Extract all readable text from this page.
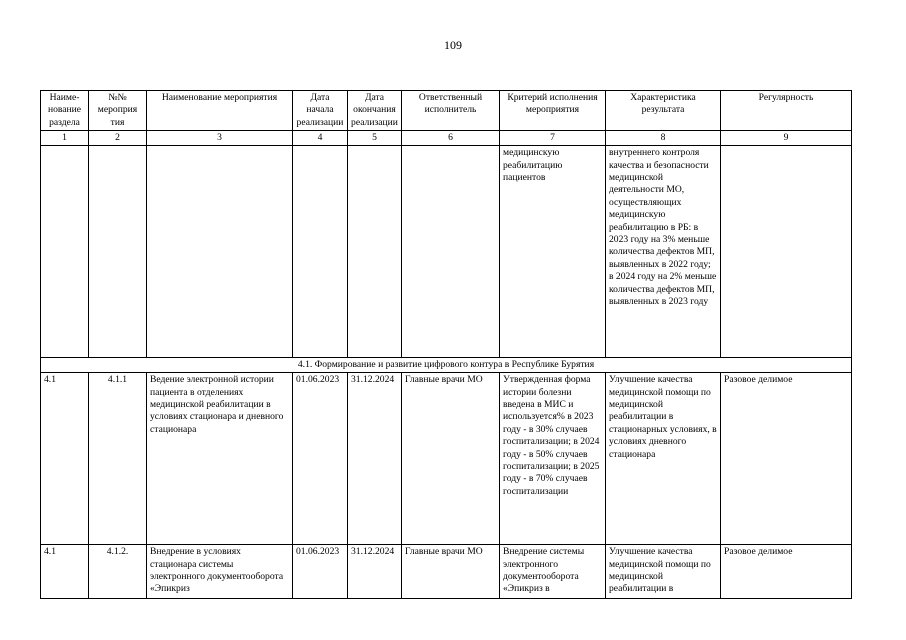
109
Наиме-нование раздела	№№ мероприя тия	Наименование мероприятия	Дата начала реализации	Дата окончания реализации	Ответственный исполнитель	Критерий исполнения мероприятия	Характеристика результата	Регулярность
1	2	3	4	5	6	7	8	9
						медицинскую реабилитацию пациентов	внутреннего контроля качества и безопасности медицинской деятельности МО, осуществляющих медицинскую реабилитацию в РБ: в 2023 году на 3% меньше количества дефектов МП, выявленных в 2022 году; в 2024 году на 2% меньше количества дефектов МП, выявленных в 2023 году	
4.1. Формирование и развитие цифрового контура в Республике Бурятия								
4.1	4.1.1	Ведение электронной истории пациента в отделениях медицинской реабилитации в условиях стационара и дневного стационара	01.06.2023	31.12.2024	Главные врачи МО	Утвержденная форма истории болезни введена в МИС и используется% в 2023 году - в 30% случаев госпитализации; в 2024 году - в 50% случаев госпитализации; в 2025 году - в 70% случаев госпитализации	Улучшение качества медицинской помощи по медицинской реабилитации в стационарных условиях, в условиях дневного стационара	Разовое делимое
4.1	4.1.2.	Внедрение в условиях стационара системы электронного документооборота «Эпикриз	01.06.2023	31.12.2024	Главные врачи МО	Внедрение системы электронного документооборота «Эпикриз в	Улучшение качества медицинской помощи по медицинской реабилитации в	Разовое делимое
